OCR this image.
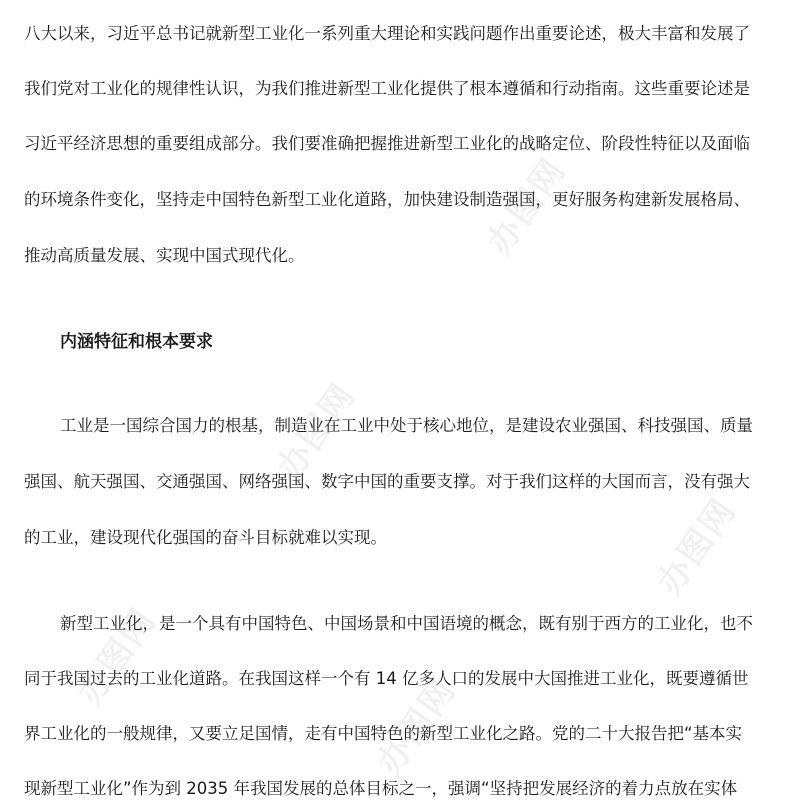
办图网
办图网
办图网
办图网
办图网
八大以来，习近平总书记就新型工业化一系列重大理论和实践问题作出重要论述，极大丰富和发展了
我们党对工业化的规律性认识，为我们推进新型工业化提供了根本遵循和行动指南。这些重要论述是
习近平经济思想的重要组成部分。我们要准确把握推进新型工业化的战略定位、阶段性特征以及面临
的环境条件变化，坚持走中国特色新型工业化道路，加快建设制造强国，更好服务构建新发展格局、
推动高质量发展、实现中国式现代化。
内涵特征和根本要求
工业是一国综合国力的根基，制造业在工业中处于核心地位，是建设农业强国、科技强国、质量
强国、航天强国、交通强国、网络强国、数字中国的重要支撑。对于我们这样的大国而言，没有强大
的工业，建设现代化强国的奋斗目标就难以实现。
新型工业化，是一个具有中国特色、中国场景和中国语境的概念，既有别于西方的工业化，也不
同于我国过去的工业化道路。在我国这样一个有 14 亿多人口的发展中大国推进工业化，既要遵循世
界工业化的一般规律，又要立足国情，走有中国特色的新型工业化之路。党的二十大报告把“基本实
现新型工业化”作为到 2035 年我国发展的总体目标之一，强调“坚持把发展经济的着力点放在实体
